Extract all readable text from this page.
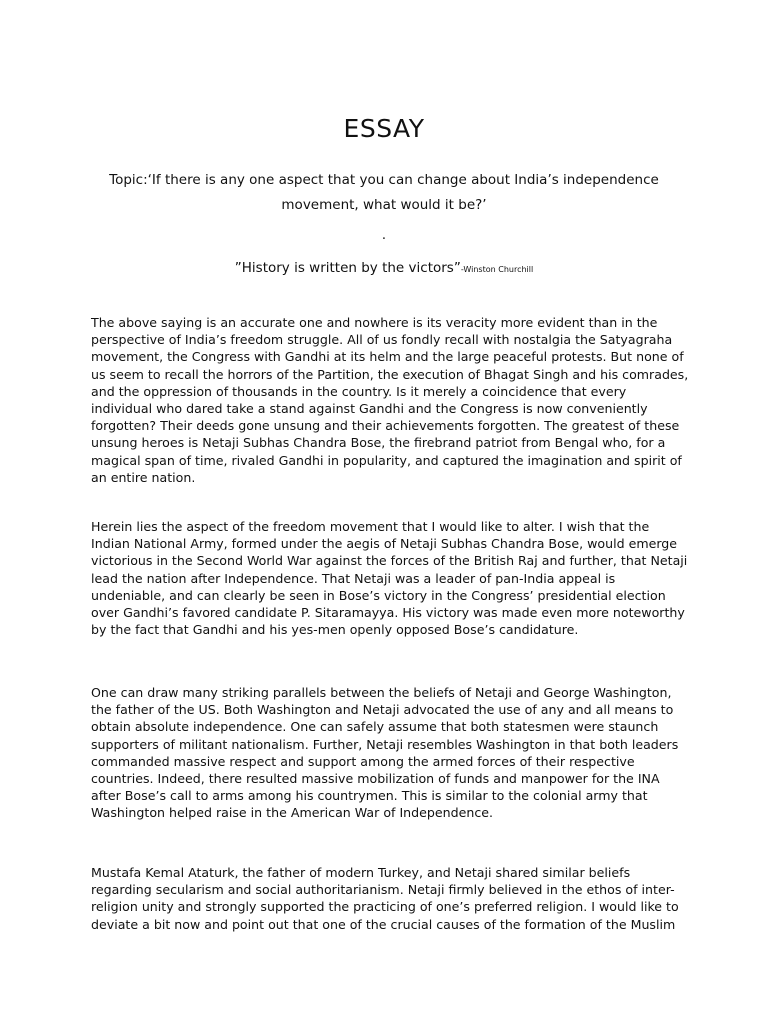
ESSAY
Topic:‘If there is any one aspect that you can change about India’s independence movement, what would it be?’
.
”History is written by the victors”-Winston Churchill

The above saying is an accurate one and nowhere is its veracity more evident than in the perspective of India’s freedom struggle. All of us fondly recall with nostalgia the Satyagraha movement, the Congress with Gandhi at its helm and the large peaceful protests. But none of us seem to recall the horrors of the Partition, the execution of Bhagat Singh and his comrades, and the oppression of thousands in the country. Is it merely a coincidence that every individual who dared take a stand against Gandhi and the Congress is now conveniently forgotten? Their deeds gone unsung and their achievements forgotten. The greatest of these unsung heroes is Netaji Subhas Chandra Bose, the firebrand patriot from Bengal who, for a magical span of time, rivaled Gandhi in popularity, and captured the imagination and spirit of an entire nation.

Herein lies the aspect of the freedom movement that I would like to alter. I wish that the Indian National Army, formed under the aegis of Netaji Subhas Chandra Bose, would emerge victorious in the Second World War against the forces of the British Raj and further, that Netaji lead the nation after Independence. That Netaji was a leader of pan-India appeal is undeniable, and can clearly be seen in Bose’s victory in the Congress’ presidential election over Gandhi’s favored candidate P. Sitaramayya. His victory was made even more noteworthy by the fact that Gandhi and his yes-men openly opposed Bose’s candidature.

One can draw many striking parallels between the beliefs of Netaji and George Washington, the father of the US. Both Washington and Netaji advocated the use of any and all means to obtain absolute independence. One can safely assume that both statesmen were staunch supporters of militant nationalism. Further, Netaji resembles Washington in that both leaders commanded massive respect and support among the armed forces of their respective countries. Indeed, there resulted massive mobilization of funds and manpower for the INA after Bose’s call to arms among his countrymen. This is similar to the colonial army that Washington helped raise in the American War of Independence.

Mustafa Kemal Ataturk, the father of modern Turkey, and Netaji shared similar beliefs regarding secularism and social authoritarianism. Netaji firmly believed in the ethos of inter-religion unity and strongly supported the practicing of one’s preferred religion. I would like to deviate a bit now and point out that one of the crucial causes of the formation of the Muslim
